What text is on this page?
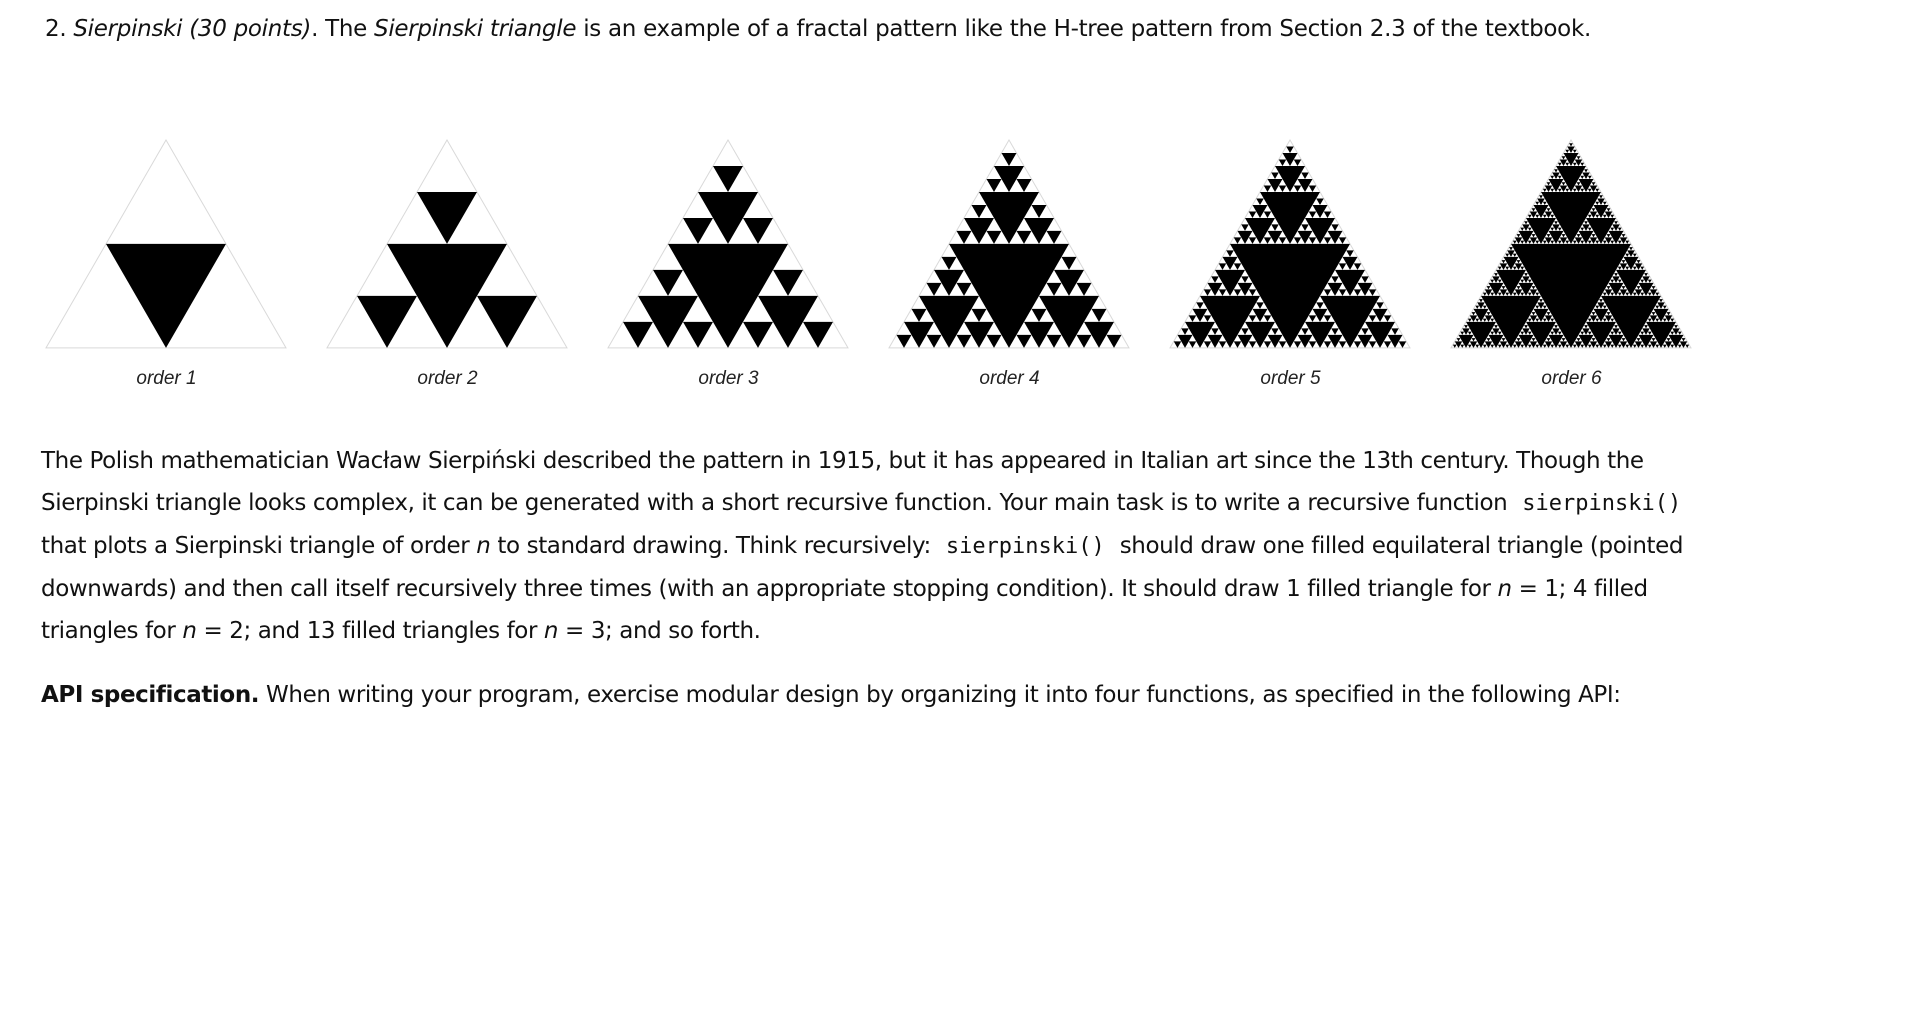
2. Sierpinski (30 points). The Sierpinski triangle is an example of a fractal pattern like the H-tree pattern from Section 2.3 of the textbook.
order 1	order 2	order 3	order 4	order 5	order 6
The Polish mathematician Wacław Sierpiński described the pattern in 1915, but it has appeared in Italian art since the 13th century. Though the Sierpinski triangle looks complex, it can be generated with a short recursive function. Your main task is to write a recursive function sierpinski() that plots a Sierpinski triangle of order n to standard drawing. Think recursively: sierpinski() should draw one filled equilateral triangle (pointed downwards) and then call itself recursively three times (with an appropriate stopping condition). It should draw 1 filled triangle for n = 1; 4 filled triangles for n = 2; and 13 filled triangles for n = 3; and so forth.
API specification. When writing your program, exercise modular design by organizing it into four functions, as specified in the following API:
